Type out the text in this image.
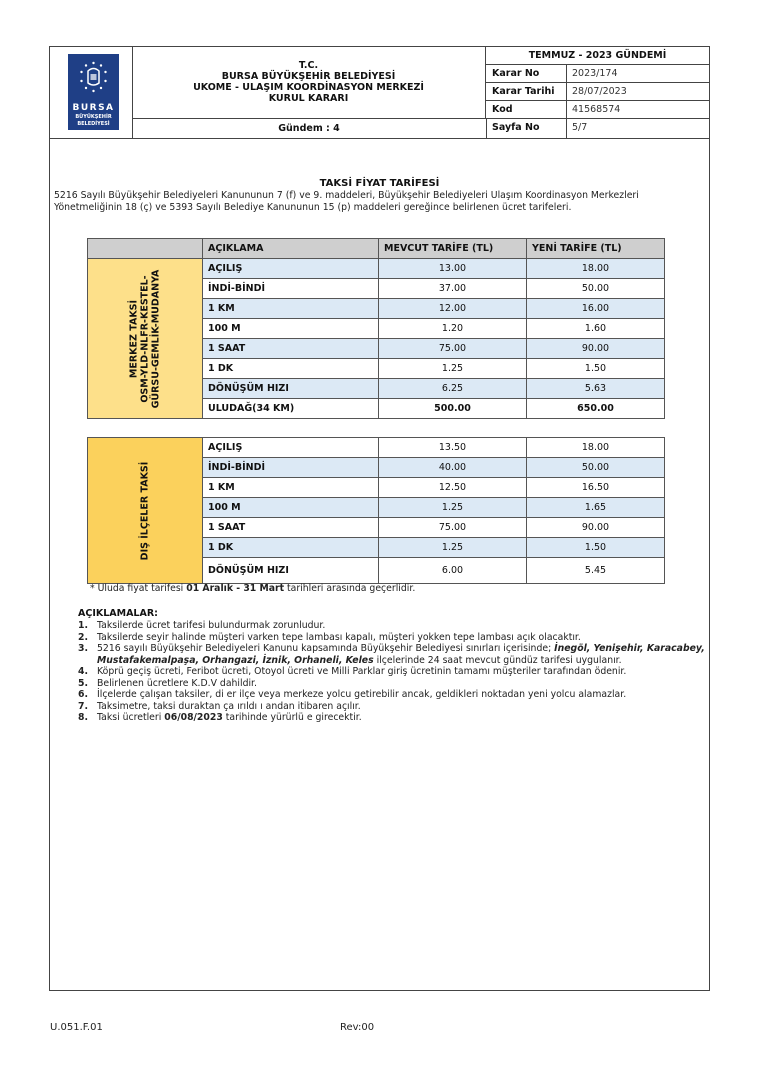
BURSA
BÜYÜKŞEHİR
BELEDİYESİ
T.C.
BURSA BÜYÜKŞEHİR BELEDİYESİ
UKOME - ULAŞIM KOORDİNASYON MERKEZİ
KURUL KARARI
Gündem : 4
TEMMUZ - 2023 GÜNDEMİ
Karar No	2023/174
Karar Tarihi	28/07/2023
Kod	41568574
Sayfa No	5/7
TAKSİ FİYAT TARİFESİ
5216 Sayılı Büyükşehir Belediyeleri Kanununun 7 (f) ve 9. maddeleri, Büyükşehir Belediyeleri Ulaşım Koordinasyon Merkezleri Yönetmeliğinin 18 (ç) ve 5393 Sayılı Belediye Kanununun 15 (p) maddeleri gereğince belirlenen ücret tarifeleri.
	AÇIKLAMA	MEVCUT TARİFE (TL)	YENİ TARİFE (TL)

MERKEZ TAKSİ OSM-YLD-NLFR-KESTEL- GÜRSU-GEMLİK-MUDANYA	AÇILIŞ	13.00	18.00
	İNDİ-BİNDİ	37.00	50.00
	1 KM	12.00	16.00
	100 M	1.20	1.60
	1 SAAT	75.00	90.00
	1 DK	1.25	1.50
	DÖNÜŞÜM HIZI	6.25	5.63
	ULUDAĞ(34 KM)	500.00	650.00
DIŞ İLÇELER TAKSİ	AÇILIŞ	13.50	18.00
	İNDİ-BİNDİ	40.00	50.00
	1 KM	12.50	16.50
	100 M	1.25	1.65
	1 SAAT	75.00	90.00
	1 DK	1.25	1.50
	DÖNÜŞÜM HIZI	6.00	5.45
* Uluda fiyat tarifesi 01 Aralık - 31 Mart tarihleri arasında geçerlidir.
AÇIKLAMALAR:
1. Taksilerde ücret tarifesi bulundurmak zorunludur.
2. Taksilerde seyir halinde müşteri varken tepe lambası kapalı, müşteri yokken tepe lambası açık olacaktır.
3. 5216 sayılı Büyükşehir Belediyeleri Kanunu kapsamında Büyükşehir Belediyesi sınırları içerisinde; İnegöl, Yenişehir, Karacabey, Mustafakemalpaşa, Orhangazi, İznik, Orhaneli, Keles ilçelerinde 24 saat mevcut gündüz tarifesi uygulanır.
4. Köprü geçiş ücreti, Feribot ücreti, Otoyol ücreti ve Milli Parklar giriş ücretinin tamamı müşteriler tarafından ödenir.
5. Belirlenen ücretlere K.D.V dahildir.
6. İlçelerde çalışan taksiler, di er ilçe veya merkeze yolcu getirebilir ancak, geldikleri noktadan yeni yolcu alamazlar.
7. Taksimetre, taksi duraktan ça ırıldı ı andan itibaren açılır.
8. Taksi ücretleri 06/08/2023 tarihinde yürürlü e girecektir.
U.051.F.01	Rev:00
